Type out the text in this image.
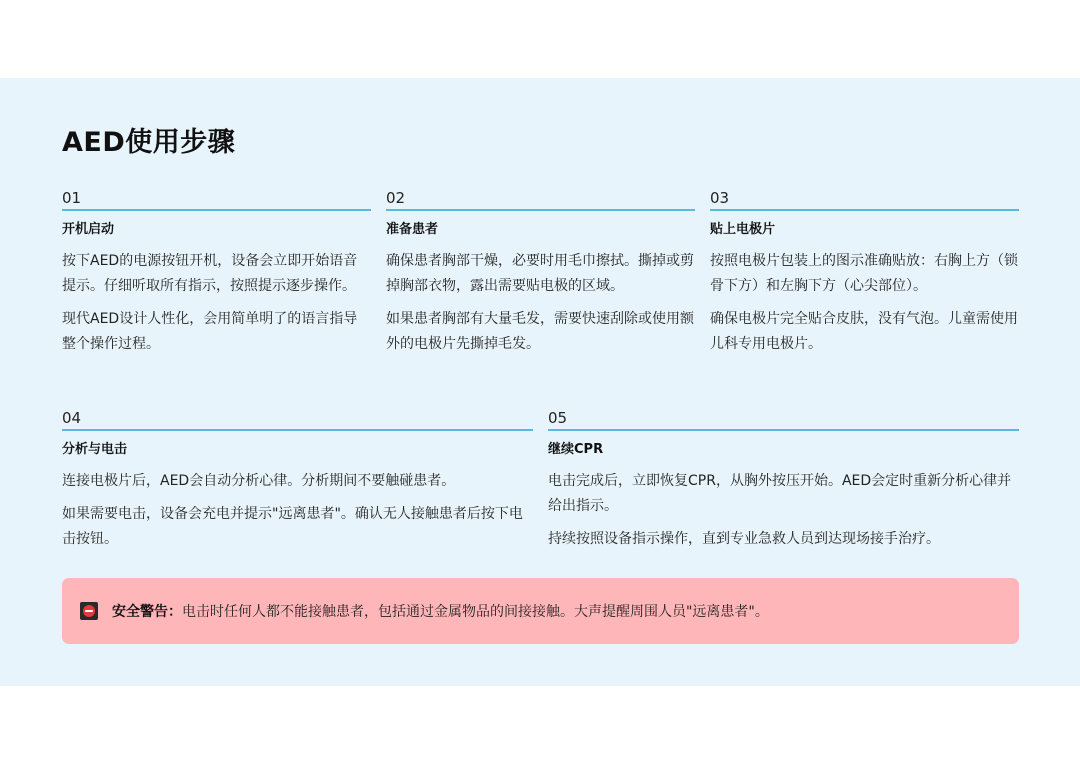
AED使用步骤
01
开机启动

按下AED的电源按钮开机，设备会立即开始语音提示。仔细听取所有指示，按照提示逐步操作。

现代AED设计人性化，会用简单明了的语言指导整个操作过程。

02
准备患者

确保患者胸部干燥，必要时用毛巾擦拭。撕掉或剪掉胸部衣物，露出需要贴电极的区域。

如果患者胸部有大量毛发，需要快速刮除或使用额外的电极片先撕掉毛发。

03
贴上电极片

按照电极片包装上的图示准确贴放：右胸上方（锁骨下方）和左胸下方（心尖部位）。

确保电极片完全贴合皮肤，没有气泡。儿童需使用儿科专用电极片。

04
分析与电击

连接电极片后，AED会自动分析心律。分析期间不要触碰患者。

如果需要电击，设备会充电并提示"远离患者"。确认无人接触患者后按下电击按钮。

05
继续CPR

电击完成后，立即恢复CPR，从胸外按压开始。AED会定时重新分析心律并给出指示。

持续按照设备指示操作，直到专业急救人员到达现场接手治疗。

安全警告： 电击时任何人都不能接触患者，包括通过金属物品的间接接触。大声提醒周围人员"远离患者"。
